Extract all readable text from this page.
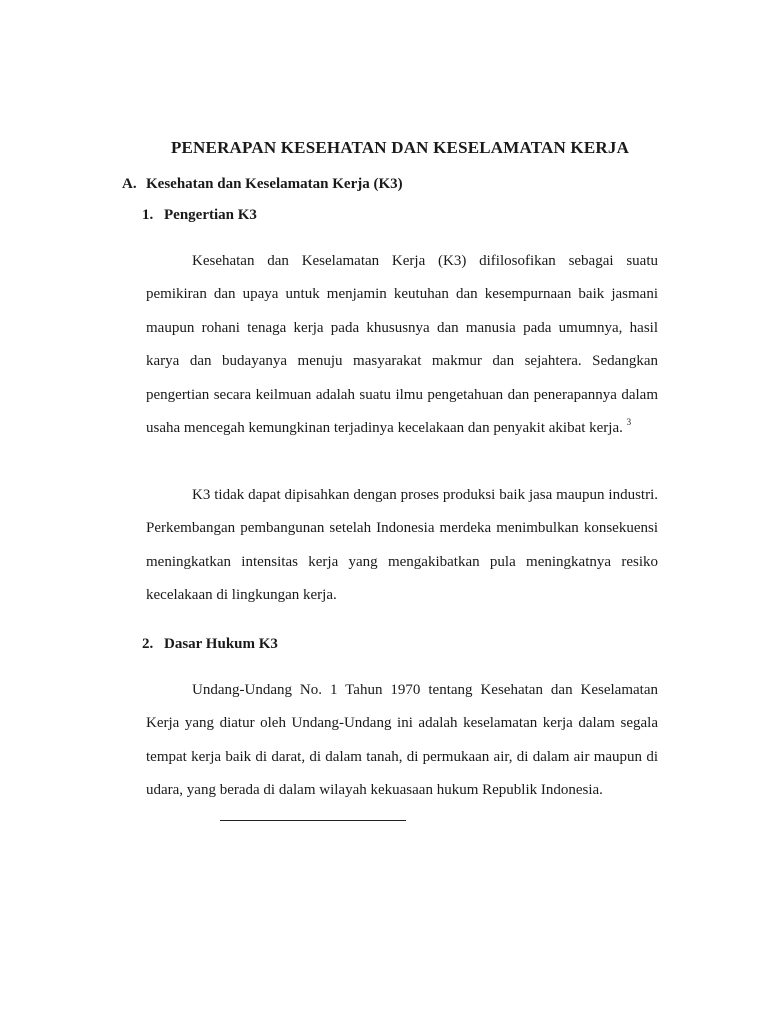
PENERAPAN KESEHATAN DAN KESELAMATAN KERJA
A. Kesehatan dan Keselamatan Kerja (K3)
1. Pengertian K3
Kesehatan dan Keselamatan Kerja (K3) difilosofikan sebagai suatu pemikiran dan upaya untuk menjamin keutuhan dan kesempurnaan baik jasmani maupun rohani tenaga kerja pada khususnya dan manusia pada umumnya, hasil karya dan budayanya menuju masyarakat makmur dan sejahtera. Sedangkan pengertian secara keilmuan adalah suatu ilmu pengetahuan dan penerapannya dalam usaha mencegah kemungkinan terjadinya kecelakaan dan penyakit akibat kerja. $^3$
K3 tidak dapat dipisahkan dengan proses produksi baik jasa maupun industri. Perkembangan pembangunan setelah Indonesia merdeka menimbulkan konsekuensi meningkatkan intensitas kerja yang mengakibatkan pula meningkatnya resiko kecelakaan di lingkungan kerja.
2. Dasar Hukum K3
Undang-Undang No. 1 Tahun 1970 tentang Kesehatan dan Keselamatan Kerja yang diatur oleh Undang-Undang ini adalah keselamatan kerja dalam segala tempat kerja baik di darat, di dalam tanah, di permukaan air, di dalam air maupun di udara, yang berada di dalam wilayah kekuasaan hukum Republik Indonesia.
